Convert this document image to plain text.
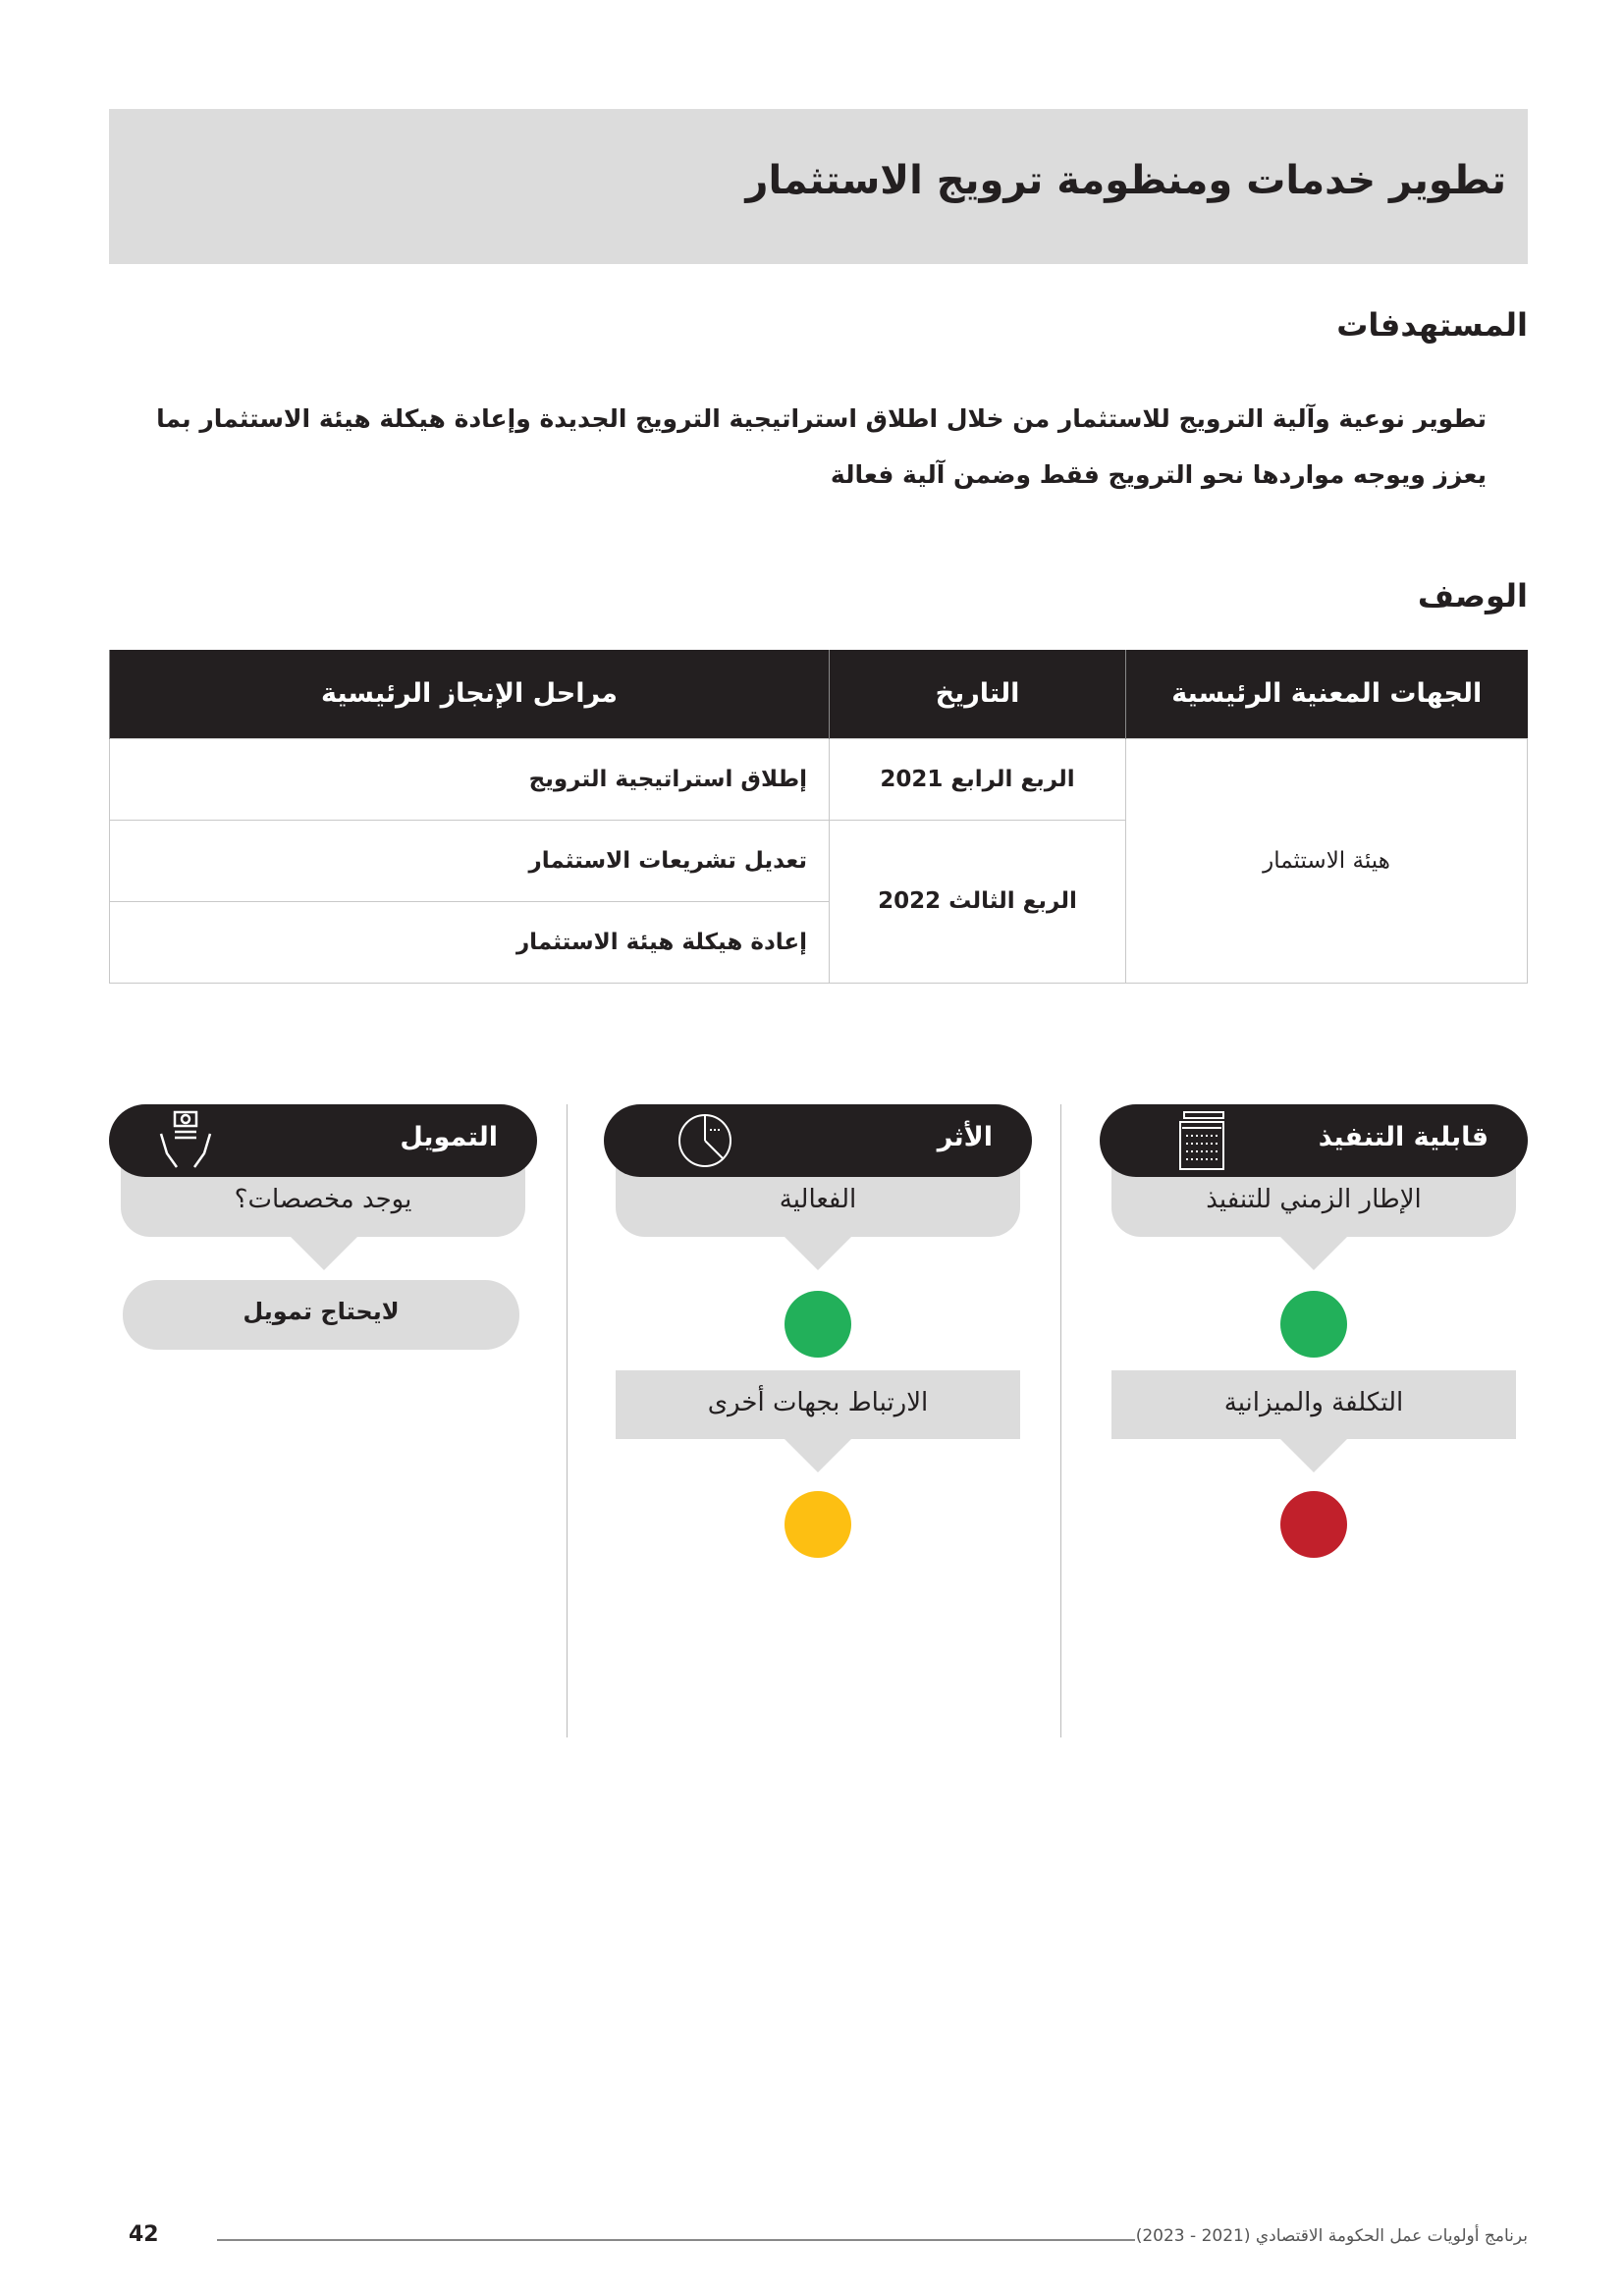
تطوير خدمات ومنظومة ترويج الاستثمار
المستهدفات

تطوير نوعية وآلية الترويج للاستثمار من خلال اطلاق استراتيجية الترويج الجديدة وإعادة هيكلة هيئة الاستثمار بما يعزز ويوجه مواردها نحو الترويج فقط وضمن آلية فعالة

الوصف
الجهات المعنية الرئيسية	التاريخ	مراحل الإنجاز الرئيسية
هيئة الاستثمار	الربع الرابع 2021	إطلاق استراتيجية الترويج
	الربع الثالث 2022	تعديل تشريعات الاستثمار
		إعادة هيكلة هيئة الاستثمار
الإطار الزمني للتنفيذ
قابلية التنفيذ
التكلفة والميزانية
الفعالية
الأثر
الارتباط بجهات أخرى
يوجد مخصصات؟
التمويل
لايحتاج تمويل
42	برنامج أولويات عمل الحكومة الاقتصادي (2021 - 2023)
